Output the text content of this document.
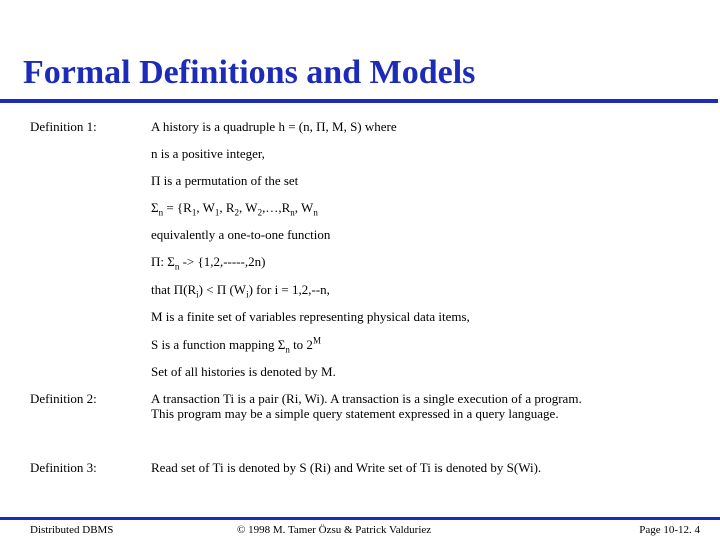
Formal Definitions and Models
Definition 1:	A history is a quadruple h = (n, Π, M, S) where
n is a positive integer,
Π is a permutation of the set
$\Sigma_n = \{R_1$, $W_1$, $R_2$, $W_2,\dots,R_n$, $W_n$
equivalently a one-to-one function
Π: $\Sigma_n -> \{1,2,-----,2n)$
that $\Pi(R_i) < \Pi$ $(W_i)$ for i = 1,2,--n,
M is a finite set of variables representing physical data items,
S is a function mapping $\Sigma_n$ to $2^M$
Set of all histories is denoted by M.
Definition 2:	A transaction Ti is a pair (Ri, Wi). A transaction is a single execution of a program.
This program may be a simple query statement expressed in a query language.
Definition 3:	Read set of Ti is denoted by S (Ri) and Write set of Ti is denoted by S(Wi).
Distributed DBMS	© 1998 M. Tamer Özsu & Patrick Valduriez	Page 10-12. 4
